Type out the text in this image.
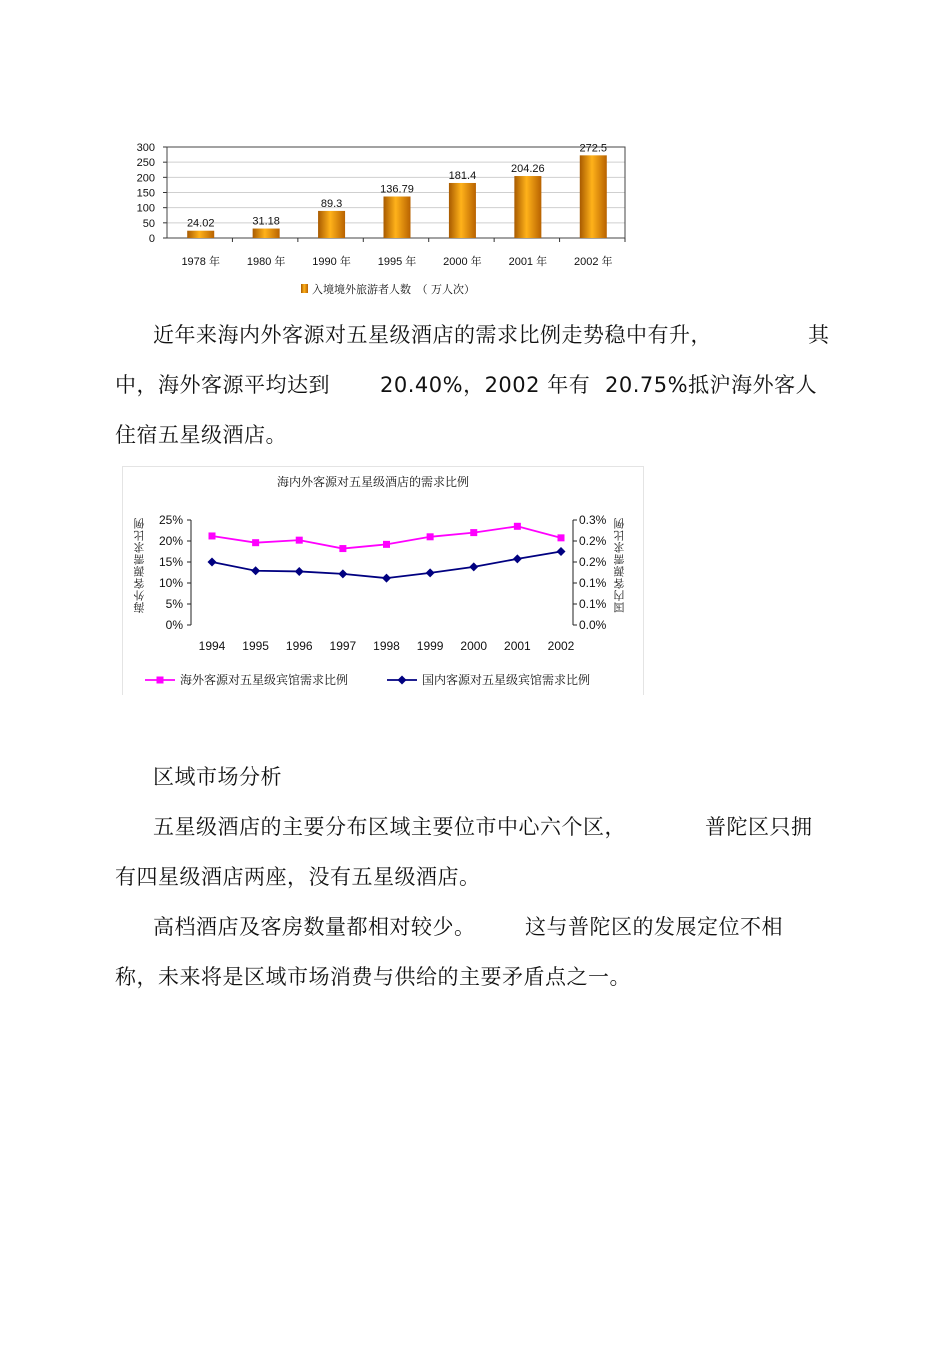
0
50
100
150
200
250
300
24.02	31.18
89.3
136.79
181.4
204.26
272.5
1978 年 1980 年 1990 年 1995 年 2000 年 2001 年 2002 年
入境境外旅游者人数　（ 万人次）
近年来海内外客源对五星级酒店的需求比例走势稳中有升，	其
中，海外客源平均达到 20.40%，2002 年有 20.75%抵沪海外客人
住宿五星级酒店。
海内外客源对五星级酒店的需求比例
25%
20%
15%
10%
5%
0%
0.3%
0.2%
0.2%
0.1%
0.1%
0.0%
1994 1995 1996 1997 1998 1999 2000 2001 2002
海外客源对五星级宾馆需求比例	国内客源对五星级宾馆需求比例
海外客源需求比例	国内客源需求比例
区域市场分析
五星级酒店的主要分布区域主要位市中心六个区，	普陀区只拥
有四星级酒店两座，没有五星级酒店。
高档酒店及客房数量都相对较少。 这与普陀区的发展定位不相
称，未来将是区域市场消费与供给的主要矛盾点之一。
